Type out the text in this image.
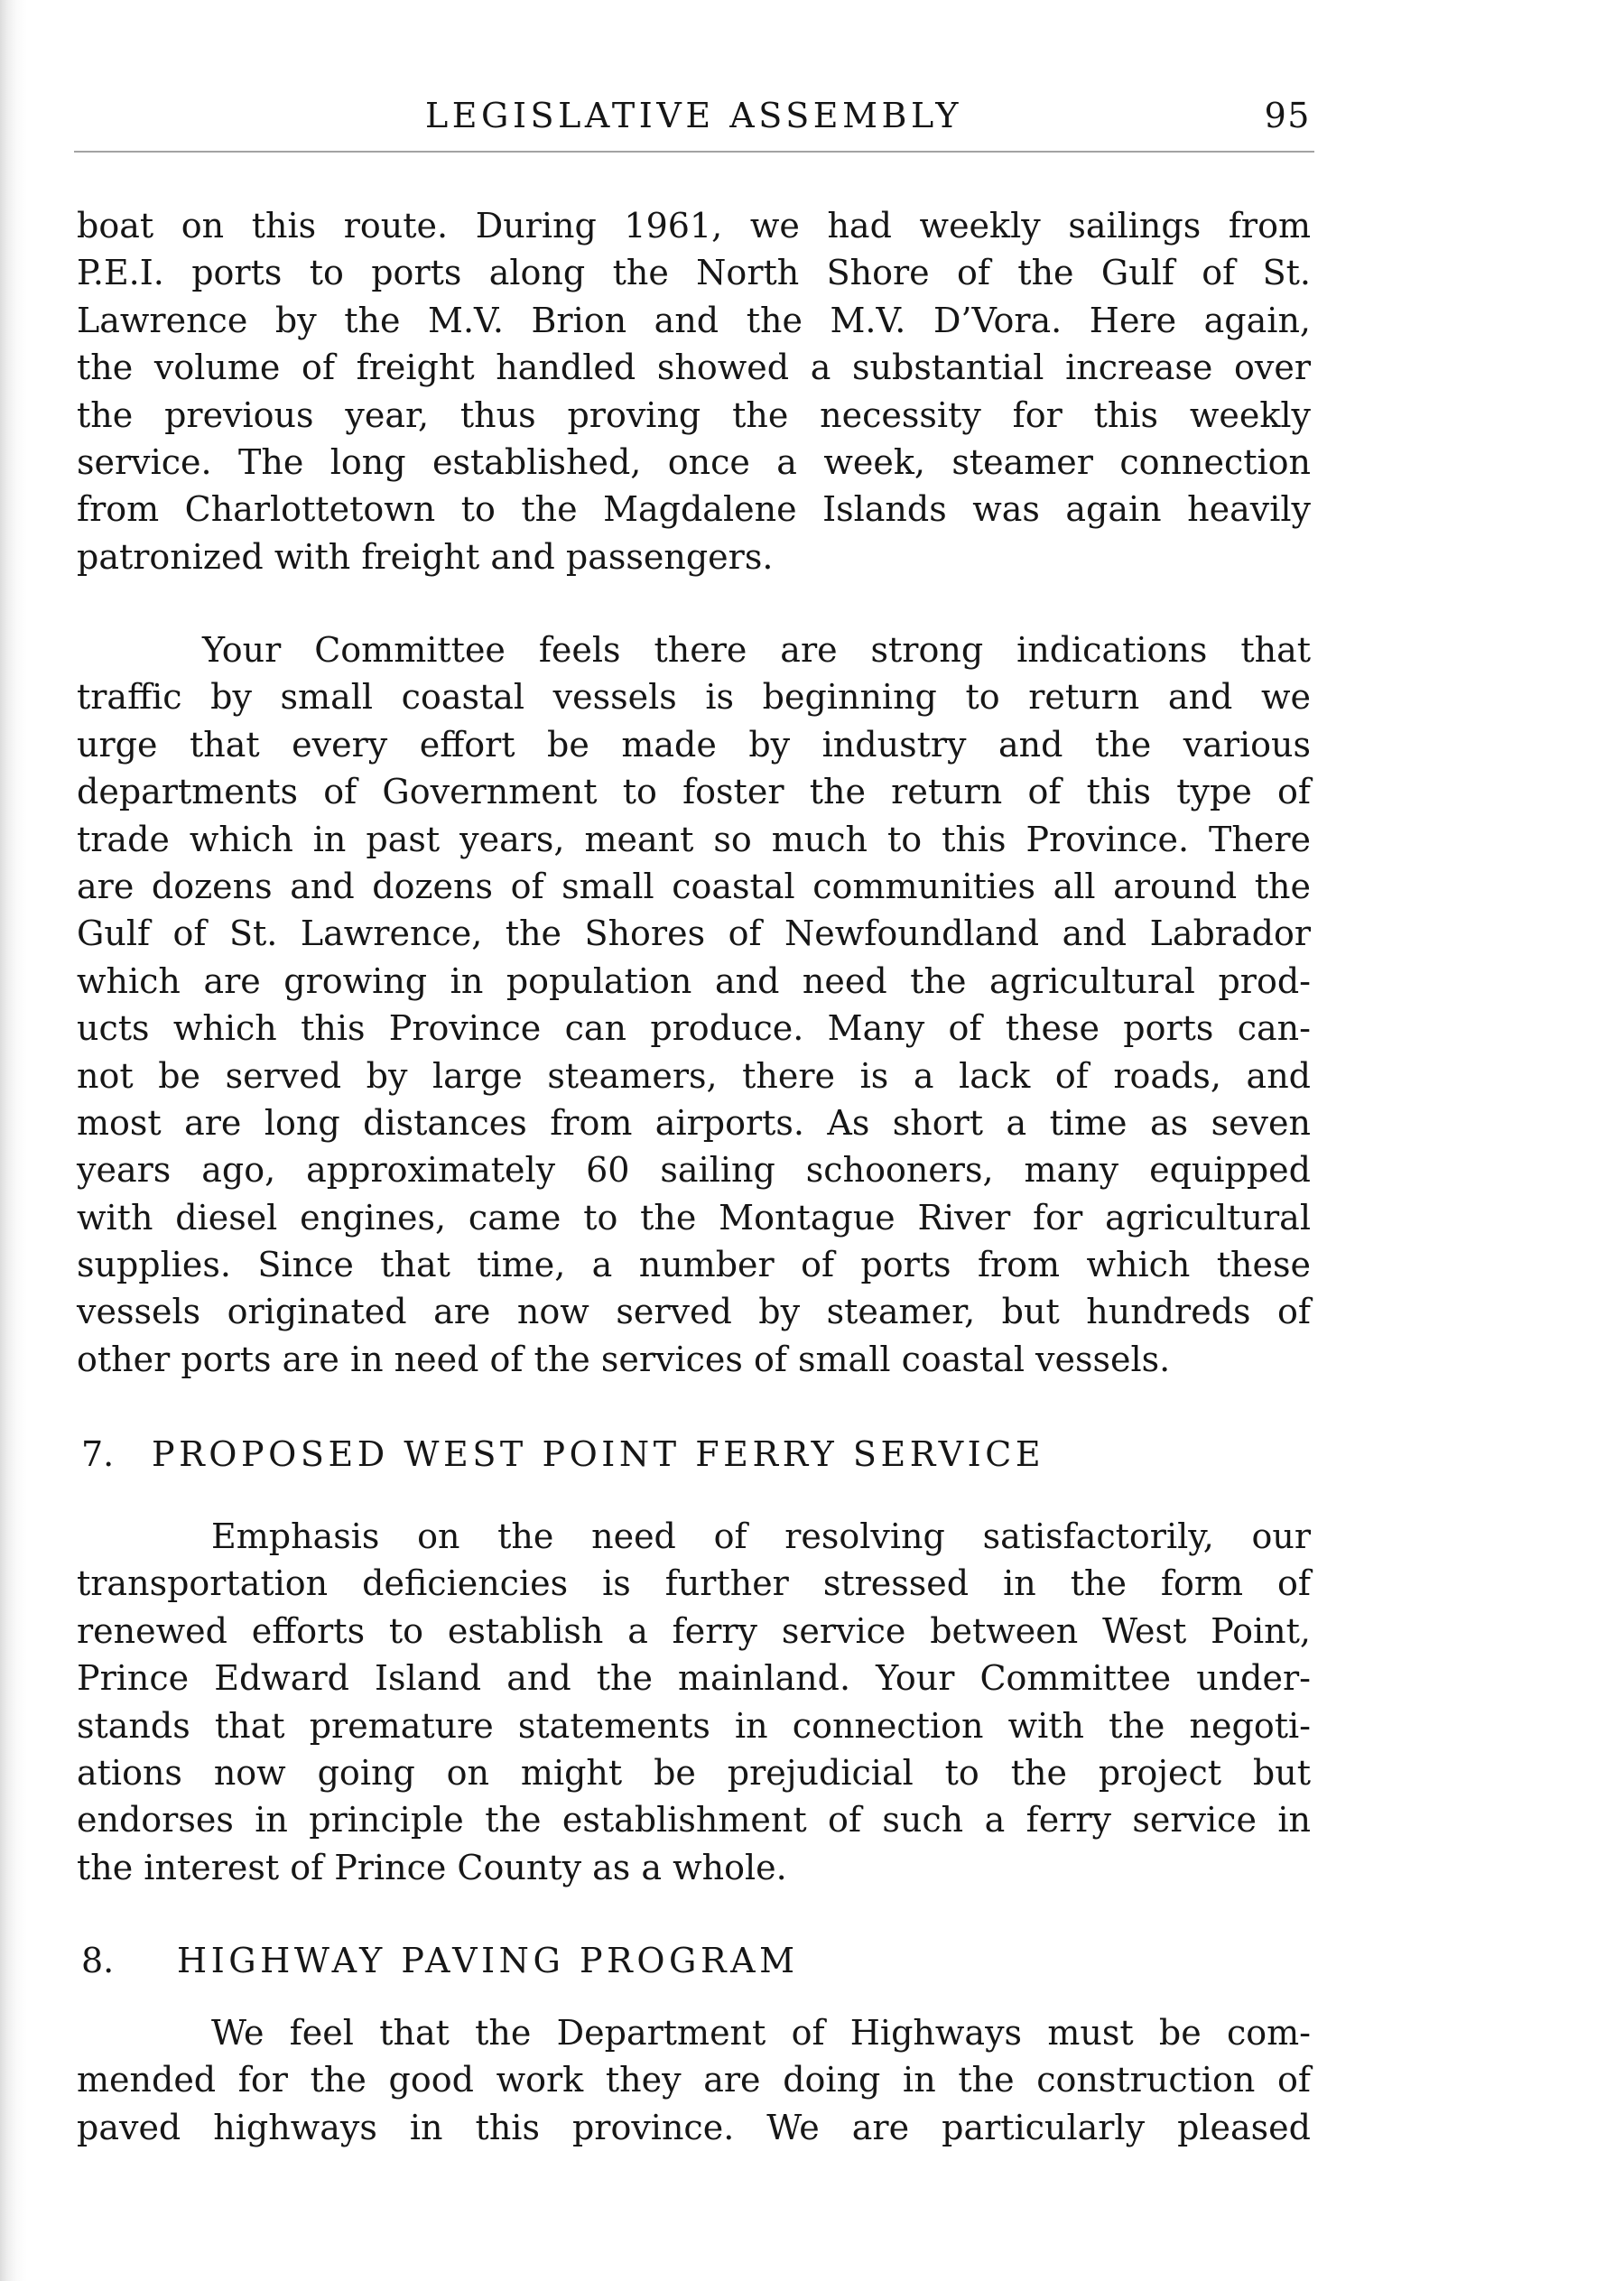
LEGISLATIVE ASSEMBLY	95
boat on this route. During 1961, we had weekly sailings from
P.E.I. ports to ports along the North Shore of the Gulf of St.
Lawrence by the M.V. Brion and the M.V. D’Vora. Here again,
the volume of freight handled showed a substantial increase over
the previous year, thus proving the necessity for this weekly
service. The long established, once a week, steamer connection
from Charlottetown to the Magdalene Islands was again heavily
patronized with freight and passengers.
Your Committee feels there are strong indications that
traffic by small coastal vessels is beginning to return and we
urge that every effort be made by industry and the various
departments of Government to foster the return of this type of
trade which in past years, meant so much to this Province. There
are dozens and dozens of small coastal communities all around the
Gulf of St. Lawrence, the Shores of Newfoundland and Labrador
which are growing in population and need the agricultural prod-
ucts which this Province can produce. Many of these ports can-
not be served by large steamers, there is a lack of roads, and
most are long distances from airports. As short a time as seven
years ago, approximately 60 sailing schooners, many equipped
with diesel engines, came to the Montague River for agricultural
supplies. Since that time, a number of ports from which these
vessels originated are now served by steamer, but hundreds of
other ports are in need of the services of small coastal vessels.
7. PROPOSED WEST POINT FERRY SERVICE
Emphasis on the need of resolving satisfactorily, our
transportation deficiencies is further stressed in the form of
renewed efforts to establish a ferry service between West Point,
Prince Edward Island and the mainland. Your Committee under-
stands that premature statements in connection with the negoti-
ations now going on might be prejudicial to the project but
endorses in principle the establishment of such a ferry service in
the interest of Prince County as a whole.
8. HIGHWAY PAVING PROGRAM
We feel that the Department of Highways must be com-
mended for the good work they are doing in the construction of
paved highways in this province. We are particularly pleased
